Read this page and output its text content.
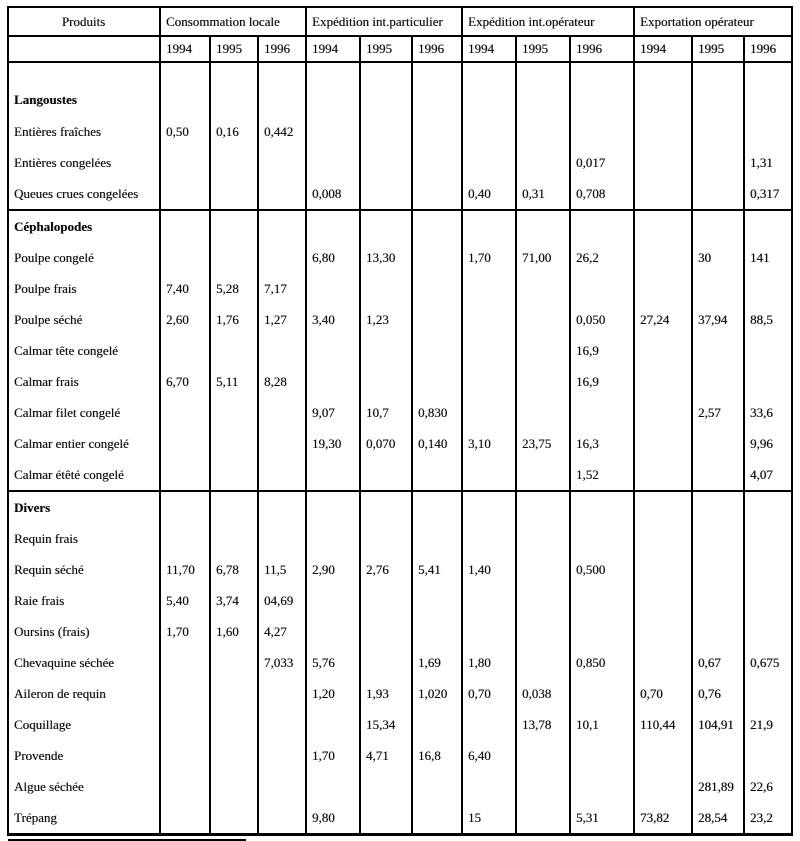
Produits	Consommation locale			Expédition int.particulier			Expédition int.opérateur			Exportation opérateur		
	1994	1995	1996	1994	1995	1996	1994	1995	1996	1994	1995	1996
Langoustes												
Entières fraîches	0,50	0,16	0,442									
Entières congelées									0,017			1,31
Queues crues congelées				0,008			0,40	0,31	0,708			0,317
Céphalopodes												
Poulpe congelé				6,80	13,30		1,70	71,00	26,2		30	141
Poulpe frais	7,40	5,28	7,17									
Poulpe séché	2,60	1,76	1,27	3,40	1,23				0,050	27,24	37,94	88,5
Calmar tête congelé									16,9			
Calmar frais	6,70	5,11	8,28						16,9			
Calmar filet congelé				9,07	10,7	0,830					2,57	33,6
Calmar entier congelé				19,30	0,070	0,140	3,10	23,75	16,3			9,96
Calmar étêté congelé									1,52			4,07
Divers												
Requin frais												
Requin séché	11,70	6,78	11,5	2,90	2,76	5,41	1,40		0,500			
Raie frais	5,40	3,74	04,69									
Oursins (frais)	1,70	1,60	4,27									
Chevaquine séchée			7,033	5,76		1,69	1,80		0,850		0,67	0,675
Aileron de requin				1,20	1,93	1,020	0,70	0,038		0,70	0,76	
Coquillage					15,34			13,78	10,1	110,44	104,91	21,9
Provende				1,70	4,71	16,8	6,40					
Algue séchée											281,89	22,6
Trépang				9,80			15		5,31	73,82	28,54	23,2
